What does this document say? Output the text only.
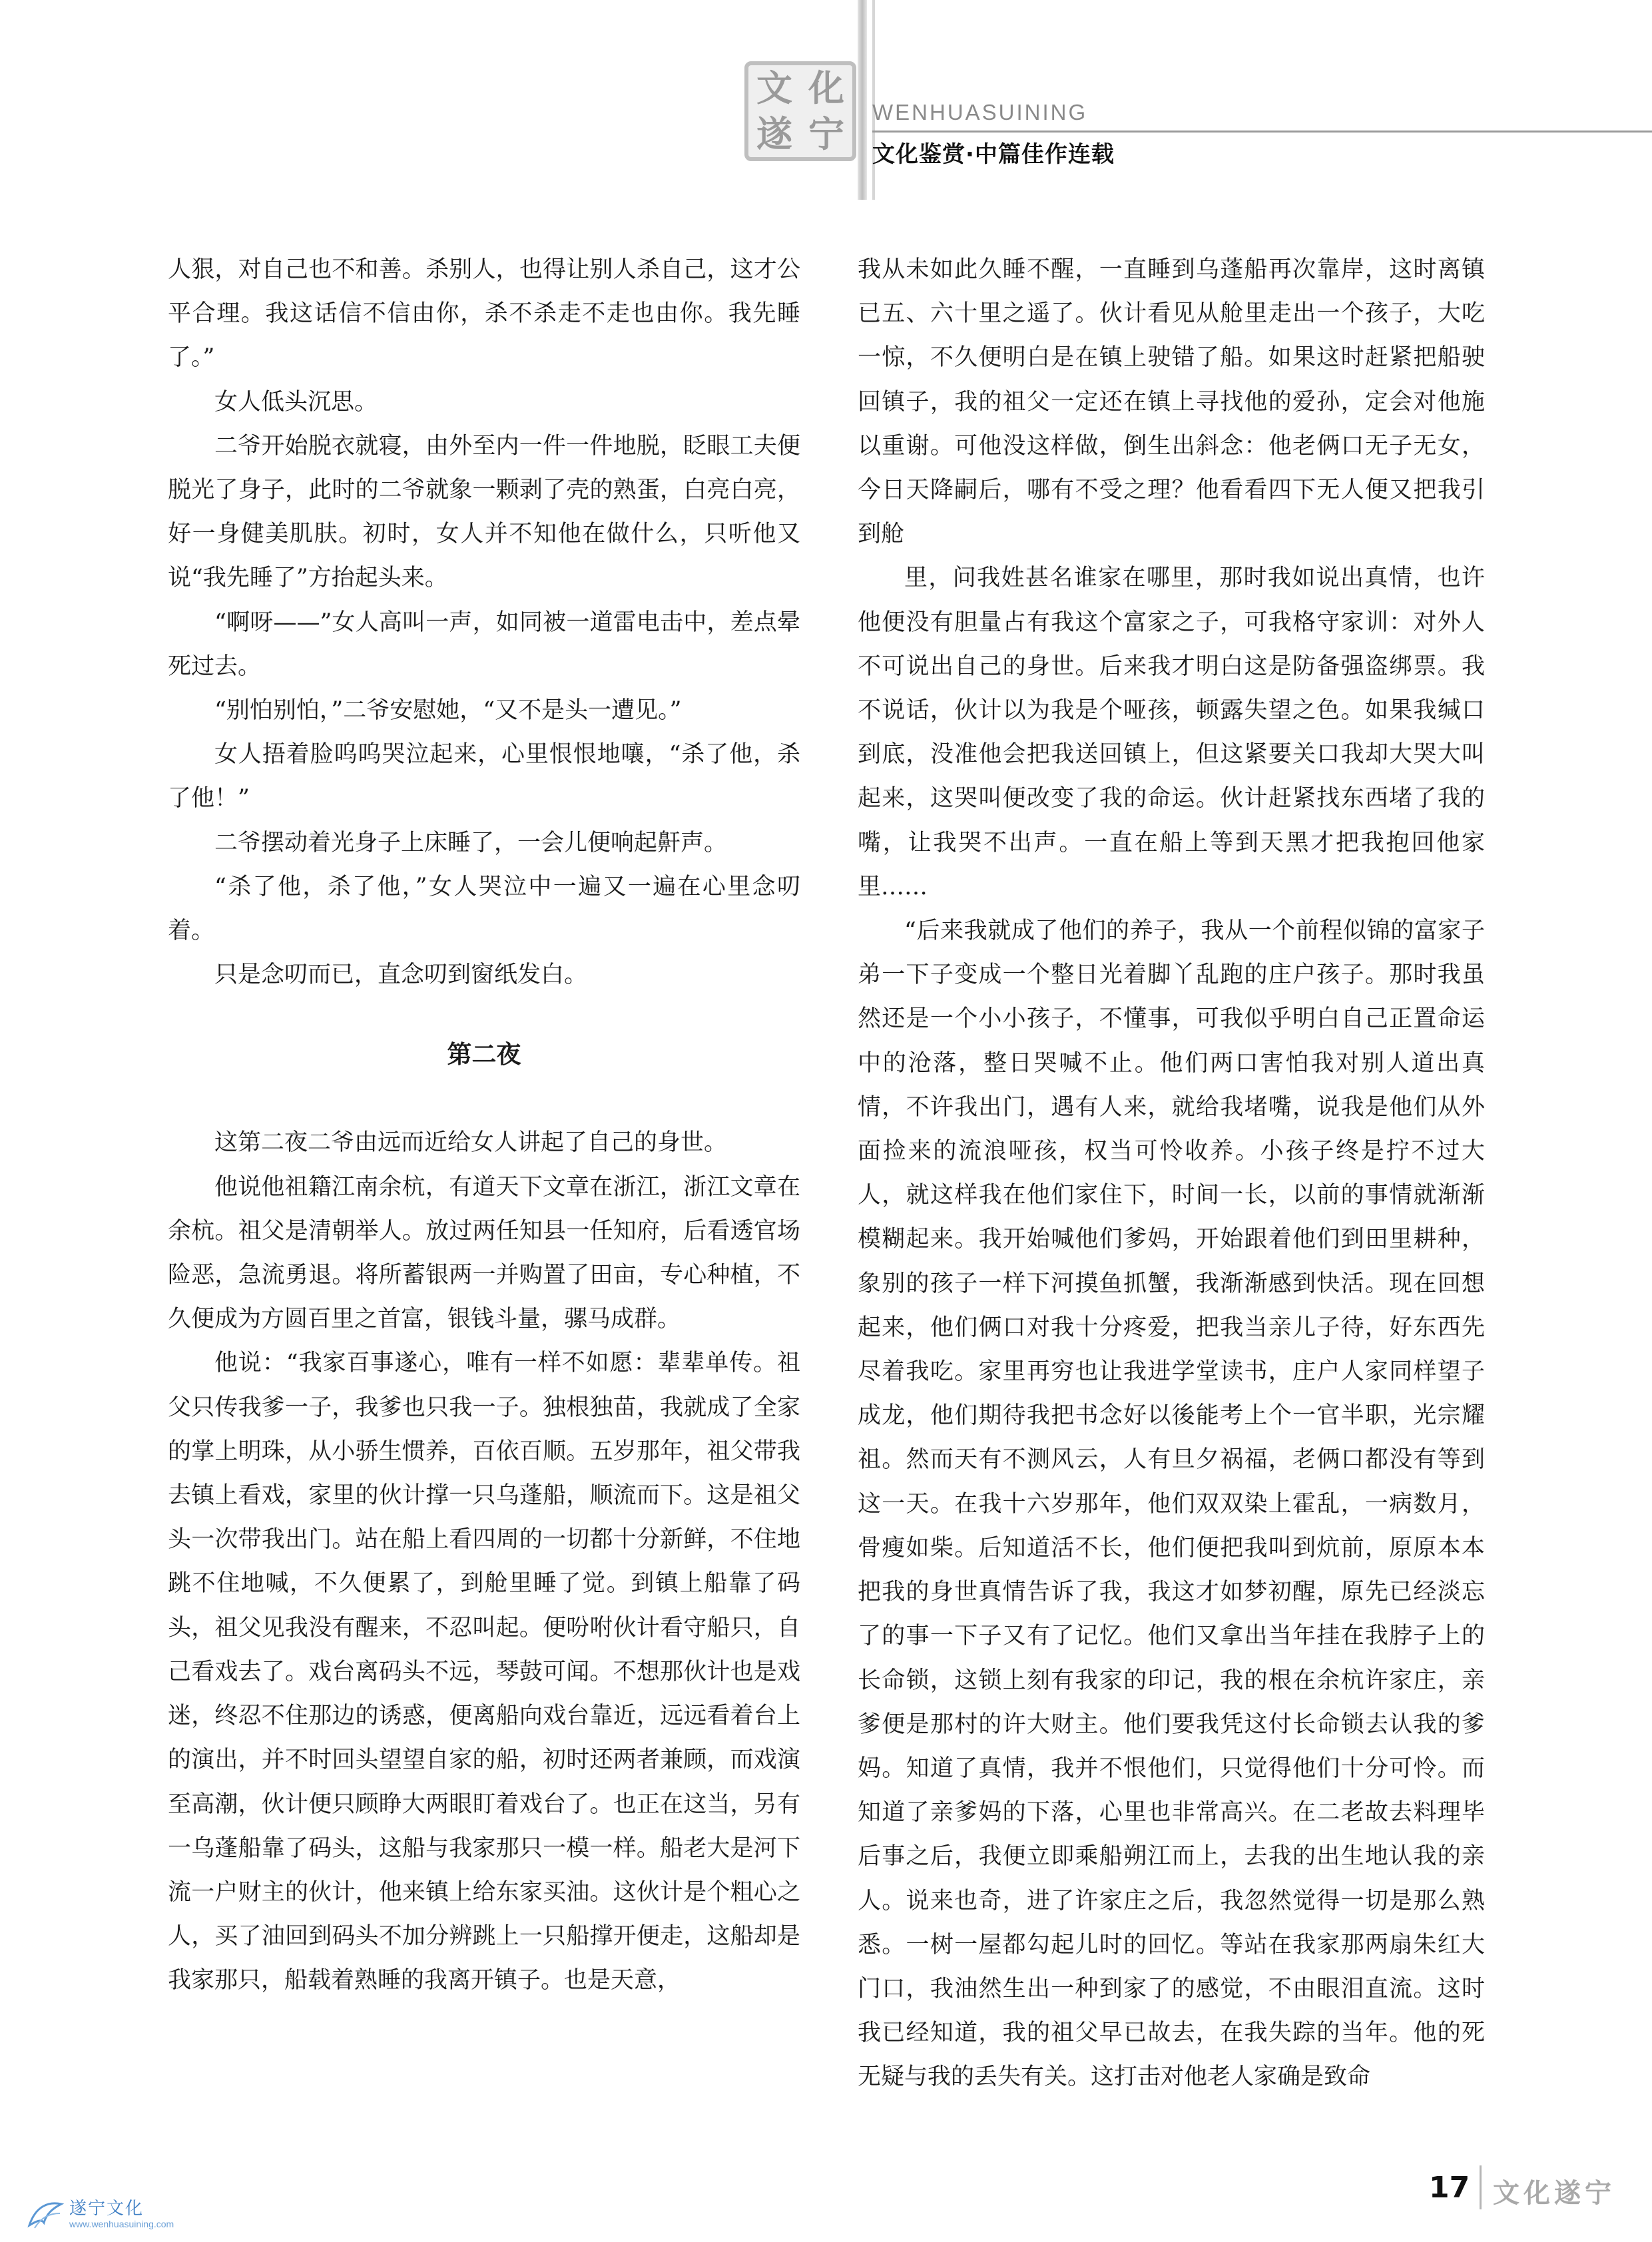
文 化
遂 宁
WENHUASUINING
文化鉴赏·中篇佳作连载

人狠，对自己也不和善。杀别人，也得让别人杀自己，这才公平合理。我这话信不信由你，杀不杀走不走也由你。我先睡了。”

女人低头沉思。

二爷开始脱衣就寝，由外至内一件一件地脱，眨眼工夫便脱光了身子，此时的二爷就象一颗剥了壳的熟蛋，白亮白亮，好一身健美肌肤。初时，女人并不知他在做什么，只听他又说“我先睡了”方抬起头来。

“啊呀——”女人高叫一声，如同被一道雷电击中，差点晕死过去。

“别怕别怕，”二爷安慰她，“又不是头一遭见。”

女人捂着脸呜呜哭泣起来，心里恨恨地嚷，“杀了他，杀了他！”

二爷摆动着光身子上床睡了，一会儿便响起鼾声。

“杀了他，杀了他，”女人哭泣中一遍又一遍在心里念叨着。

只是念叨而已，直念叨到窗纸发白。

第二夜

这第二夜二爷由远而近给女人讲起了自己的身世。

他说他祖籍江南余杭，有道天下文章在浙江，浙江文章在余杭。祖父是清朝举人。放过两任知县一任知府，后看透官场险恶，急流勇退。将所蓄银两一并购置了田亩，专心种植，不久便成为方圆百里之首富，银钱斗量，骡马成群。

他说：“我家百事遂心，唯有一样不如愿：辈辈单传。祖父只传我爹一子，我爹也只我一子。独根独苗，我就成了全家的掌上明珠，从小骄生惯养，百依百顺。五岁那年，祖父带我去镇上看戏，家里的伙计撑一只乌蓬船，顺流而下。这是祖父头一次带我出门。站在船上看四周的一切都十分新鲜，不住地跳不住地喊，不久便累了，到舱里睡了觉。到镇上船靠了码头，祖父见我没有醒来，不忍叫起。便吩咐伙计看守船只，自己看戏去了。戏台离码头不远，琴鼓可闻。不想那伙计也是戏迷，终忍不住那边的诱惑，便离船向戏台靠近，远远看着台上的演出，并不时回头望望自家的船，初时还两者兼顾，而戏演至高潮，伙计便只顾睁大两眼盯着戏台了。也正在这当，另有一乌蓬船靠了码头，这船与我家那只一模一样。船老大是河下流一户财主的伙计，他来镇上给东家买油。这伙计是个粗心之人，买了油回到码头不加分辨跳上一只船撑开便走，这船却是我家那只，船载着熟睡的我离开镇子。也是天意，

我从未如此久睡不醒，一直睡到乌蓬船再次靠岸，这时离镇已五、六十里之遥了。伙计看见从舱里走出一个孩子，大吃一惊，不久便明白是在镇上驶错了船。如果这时赶紧把船驶回镇子，我的祖父一定还在镇上寻找他的爱孙，定会对他施以重谢。可他没这样做，倒生出斜念：他老俩口无子无女，今日天降嗣后，哪有不受之理？他看看四下无人便又把我引到舱

里，问我姓甚名谁家在哪里，那时我如说出真情，也许他便没有胆量占有我这个富家之子，可我格守家训：对外人不可说出自己的身世。后来我才明白这是防备强盗绑票。我不说话，伙计以为我是个哑孩，顿露失望之色。如果我缄口到底，没准他会把我送回镇上，但这紧要关口我却大哭大叫起来，这哭叫便改变了我的命运。伙计赶紧找东西堵了我的嘴，让我哭不出声。一直在船上等到天黑才把我抱回他家里……

“后来我就成了他们的养子，我从一个前程似锦的富家子弟一下子变成一个整日光着脚丫乱跑的庄户孩子。那时我虽然还是一个小小孩子，不懂事，可我似乎明白自己正置命运中的沧落，整日哭喊不止。他们两口害怕我对别人道出真情，不许我出门，遇有人来，就给我堵嘴，说我是他们从外面捡来的流浪哑孩，权当可怜收养。小孩子终是拧不过大人，就这样我在他们家住下，时间一长，以前的事情就渐渐模糊起来。我开始喊他们爹妈，开始跟着他们到田里耕种，象别的孩子一样下河摸鱼抓蟹，我渐渐感到快活。现在回想起来，他们俩口对我十分疼爱，把我当亲儿子待，好东西先尽着我吃。家里再穷也让我进学堂读书，庄户人家同样望子成龙，他们期待我把书念好以後能考上个一官半职，光宗耀祖。然而天有不测风云，人有旦夕祸福，老俩口都没有等到这一天。在我十六岁那年，他们双双染上霍乱，一病数月，骨瘦如柴。后知道活不长，他们便把我叫到炕前，原原本本把我的身世真情告诉了我，我这才如梦初醒，原先已经淡忘了的事一下子又有了记忆。他们又拿出当年挂在我脖子上的长命锁，这锁上刻有我家的印记，我的根在余杭许家庄，亲爹便是那村的许大财主。他们要我凭这付长命锁去认我的爹妈。知道了真情，我并不恨他们，只觉得他们十分可怜。而知道了亲爹妈的下落，心里也非常高兴。在二老故去料理毕后事之后，我便立即乘船朔江而上，去我的出生地认我的亲人。说来也奇，进了许家庄之后，我忽然觉得一切是那么熟悉。一树一屋都勾起儿时的回忆。等站在我家那两扇朱红大门口，我油然生出一种到家了的感觉，不由眼泪直流。这时我已经知道，我的祖父早已故去，在我失踪的当年。他的死无疑与我的丢失有关。这打击对他老人家确是致命

17 文化遂宁
遂宁文化
www.wenhuasuining.com
